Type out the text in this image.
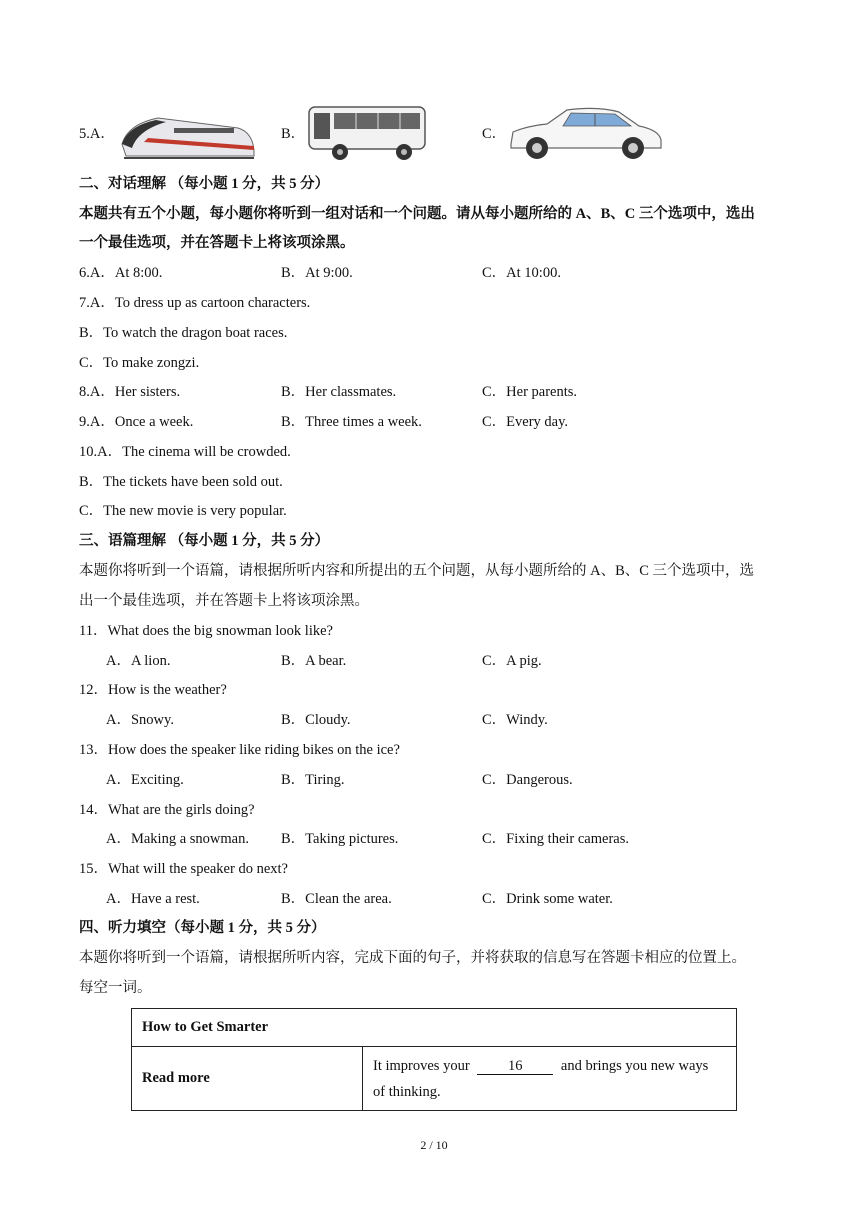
5.A．	B．	C．
二、对话理解 （每小题 1 分，共 5 分）
本题共有五个小题，每小题你将听到一组对话和一个问题。请从每小题所给的 A、B、C 三个选项中，选出
一个最佳选项，并在答题卡上将该项涂黑。
6.A．At 8:00.	B．At 9:00.	C．At 10:00.
7.A．To dress up as cartoon characters.
B．To watch the dragon boat races.
C．To make zongzi.
8.A．Her sisters.	B．Her classmates.	C．Her parents.
9.A．Once a week.	B．Three times a week.	C．Every day.
10.A．The cinema will be crowded.
B．The tickets have been sold out.
C．The new movie is very popular.
三、语篇理解 （每小题 1 分，共 5 分）
本题你将听到一个语篇，请根据所听内容和所提出的五个问题，从每小题所给的 A、B、C 三个选项中，选
出一个最佳选项，并在答题卡上将该项涂黑。
11．What does the big snowman look like?
A．A lion.	B．A bear.	C．A pig.
12．How is the weather?
A．Snowy.	B．Cloudy.	C．Windy.
13．How does the speaker like riding bikes on the ice?
A．Exciting.	B．Tiring.	C．Dangerous.
14．What are the girls doing?
A．Making a snowman. B．Taking pictures.	C．Fixing their cameras.
15．What will the speaker do next?
A．Have a rest.	B．Clean the area.	C．Drink some water.
四、听力填空（每小题 1 分，共 5 分）
本题你将听到一个语篇，请根据所听内容，完成下面的句子，并将获取的信息写在答题卡相应的位置上。
每空一词。
How to Get Smarter
Read more	It improves your	16	and brings you new ways
of thinking.
2 / 10
